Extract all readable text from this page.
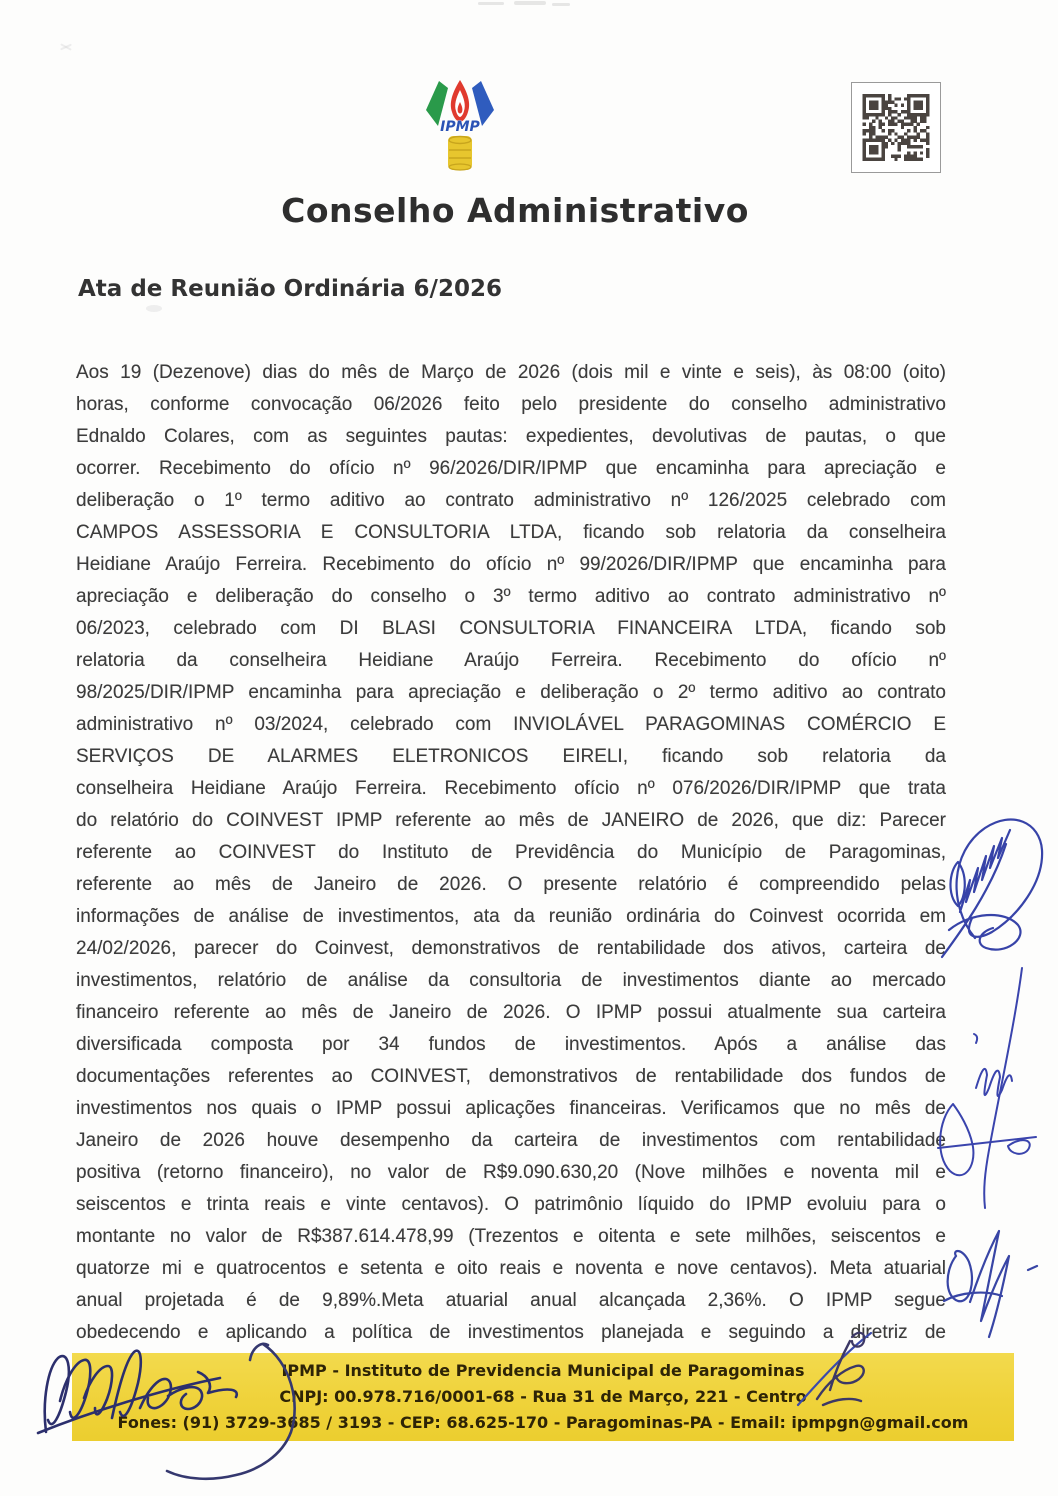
IPMP
Conselho Administrativo
Ata de Reunião Ordinária 6/2026
Aos 19 (Dezenove) dias do mês de Março de 2026 (dois mil e vinte e seis), às 08:00 (oito)
horas, conforme convocação 06/2026 feito pelo presidente do conselho administrativo
Ednaldo Colares, com as seguintes pautas: expedientes, devolutivas de pautas, o que
ocorrer. Recebimento do ofício nº 96/2026/DIR/IPMP que encaminha para apreciação e
deliberação o 1º termo aditivo ao contrato administrativo nº 126/2025 celebrado com
CAMPOS ASSESSORIA E CONSULTORIA LTDA, ficando sob relatoria da conselheira
Heidiane Araújo Ferreira. Recebimento do ofício nº 99/2026/DIR/IPMP que encaminha para
apreciação e deliberação do conselho o 3º termo aditivo ao contrato administrativo nº
06/2023, celebrado com DI BLASI CONSULTORIA FINANCEIRA LTDA, ficando sob
relatoria da conselheira Heidiane Araújo Ferreira. Recebimento do ofício nº
98/2025/DIR/IPMP encaminha para apreciação e deliberação o 2º termo aditivo ao contrato
administrativo nº 03/2024, celebrado com INVIOLÁVEL PARAGOMINAS COMÉRCIO E
SERVIÇOS DE ALARMES ELETRONICOS EIRELI, ficando sob relatoria da
conselheira Heidiane Araújo Ferreira. Recebimento ofício nº 076/2026/DIR/IPMP que trata
do relatório do COINVEST IPMP referente ao mês de JANEIRO de 2026, que diz: Parecer
referente ao COINVEST do Instituto de Previdência do Município de Paragominas,
referente ao mês de Janeiro de 2026. O presente relatório é compreendido pelas
informações de análise de investimentos, ata da reunião ordinária do Coinvest ocorrida em
24/02/2026, parecer do Coinvest, demonstrativos de rentabilidade dos ativos, carteira de
investimentos, relatório de análise da consultoria de investimentos diante ao mercado
financeiro referente ao mês de Janeiro de 2026. O IPMP possui atualmente sua carteira
diversificada composta por 34 fundos de investimentos. Após a análise das
documentações referentes ao COINVEST, demonstrativos de rentabilidade dos fundos de
investimentos nos quais o IPMP possui aplicações financeiras. Verificamos que no mês de
Janeiro de 2026 houve desempenho da carteira de investimentos com rentabilidade
positiva (retorno financeiro), no valor de R$9.090.630,20 (Nove milhões e noventa mil e
seiscentos e trinta reais e vinte centavos). O patrimônio líquido do IPMP evoluiu para o
montante no valor de R$387.614.478,99 (Trezentos e oitenta e sete milhões, seiscentos e
quatorze mi e quatrocentos e setenta e oito reais e noventa e nove centavos). Meta atuarial
anual projetada é de 9,89%.Meta atuarial anual alcançada 2,36%. O IPMP segue
obedecendo e aplicando a política de investimentos planejada e seguindo a diretriz de
IPMP - Instituto de Previdencia Municipal de Paragominas
CNPJ: 00.978.716/0001-68 - Rua 31 de Março, 221 - Centro
Fones: (91) 3729-3685 / 3193 - CEP: 68.625-170 - Paragominas-PA - Email: ipmpgn@gmail.com
